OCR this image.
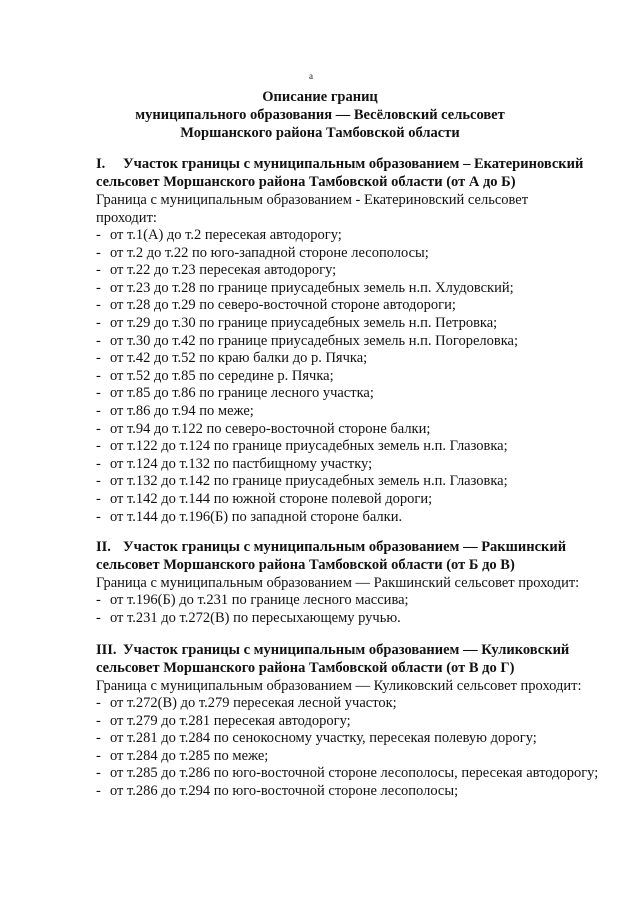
a
Описание границ
муниципального образования — Весёловский сельсовет
Моршанского района Тамбовской области
I. Участок границы с муниципальным образованием – Екатериновский
сельсовет Моршанского района Тамбовской области (от А до Б)
Граница с муниципальным образованием - Екатериновский сельсовет
проходит:
- от т.1(А) до т.2 пересекая автодорогу;
- от т.2 до т.22 по юго-западной стороне лесополосы;
- от т.22 до т.23 пересекая автодорогу;
- от т.23 до т.28 по границе приусадебных земель н.п. Хлудовский;
- от т.28 до т.29 по северо-восточной стороне автодороги;
- от т.29 до т.30 по границе приусадебных земель н.п. Петровка;
- от т.30 до т.42 по границе приусадебных земель н.п. Погореловка;
- от т.42 до т.52 по краю балки до р. Пячка;
- от т.52 до т.85 по середине р. Пячка;
- от т.85 до т.86 по границе лесного участка;
- от т.86 до т.94 по меже;
- от т.94 до т.122 по северо-восточной стороне балки;
- от т.122 до т.124 по границе приусадебных земель н.п. Глазовка;
- от т.124 до т.132 по пастбищному участку;
- от т.132 до т.142 по границе приусадебных земель н.п. Глазовка;
- от т.142 до т.144 по южной стороне полевой дороги;
- от т.144 до т.196(Б) по западной стороне балки.
II. Участок границы с муниципальным образованием — Ракшинский
сельсовет Моршанского района Тамбовской области (от Б до В)
Граница с муниципальным образованием — Ракшинский сельсовет проходит:
- от т.196(Б) до т.231 по границе лесного массива;
- от т.231 до т.272(В) по пересыхающему ручью.
III. Участок границы с муниципальным образованием — Куликовский
сельсовет Моршанского района Тамбовской области (от В до Г)
Граница с муниципальным образованием — Куликовский сельсовет проходит:
- от т.272(В) до т.279 пересекая лесной участок;
- от т.279 до т.281 пересекая автодорогу;
- от т.281 до т.284 по сенокосному участку, пересекая полевую дорогу;
- от т.284 до т.285 по меже;
- от т.285 до т.286 по юго-восточной стороне лесополосы, пересекая автодорогу;
- от т.286 до т.294 по юго-восточной стороне лесополосы;
